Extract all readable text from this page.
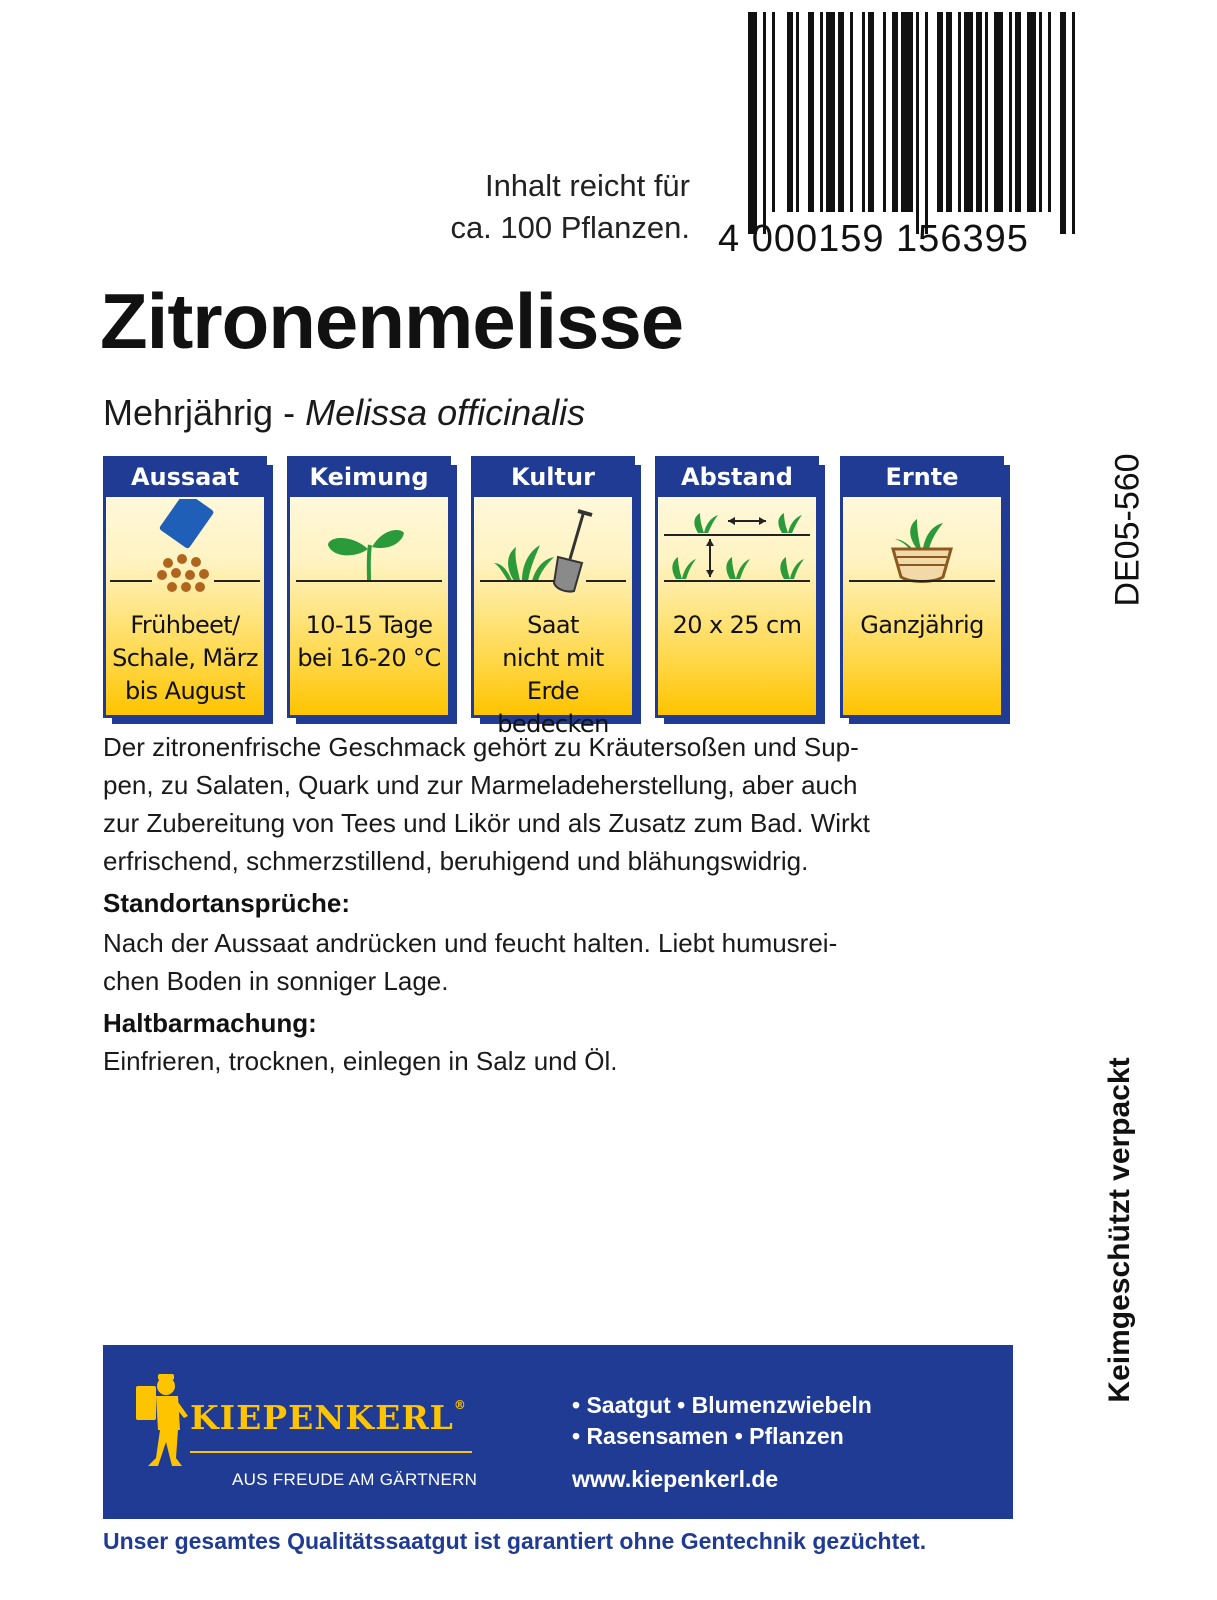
4 000159 156395
Inhalt reicht für
ca. 100 Pflanzen.
Zitronenmelisse
Mehrjährig - Melissa officinalis
Aussaat
Frühbeet/
Schale, März
bis August
Keimung
10-15 Tage
bei 16-20 °C
Kultur
Saat
nicht mit Erde
bedecken
Abstand
20 x 25 cm
Ernte
Ganzjährig
Der zitronenfrische Geschmack gehört zu Kräutersoßen und Sup-
pen, zu Salaten, Quark und zur Marmeladeherstellung, aber auch
zur Zubereitung von Tees und Likör und als Zusatz zum Bad. Wirkt
erfrischend, schmerzstillend, beruhigend und blähungswidrig.
Standortansprüche:
Nach der Aussaat andrücken und feucht halten. Liebt humusrei-
chen Boden in sonniger Lage.
Haltbarmachung:
Einfrieren, trocknen, einlegen in Salz und Öl.
DE05-560
Keimgeschützt verpackt
KIEPENKERL®
AUS FREUDE AM GÄRTNERN
• Saatgut • Blumenzwiebeln
• Rasensamen • Pflanzen
www.kiepenkerl.de
Unser gesamtes Qualitätssaatgut ist garantiert ohne Gentechnik gezüchtet.
